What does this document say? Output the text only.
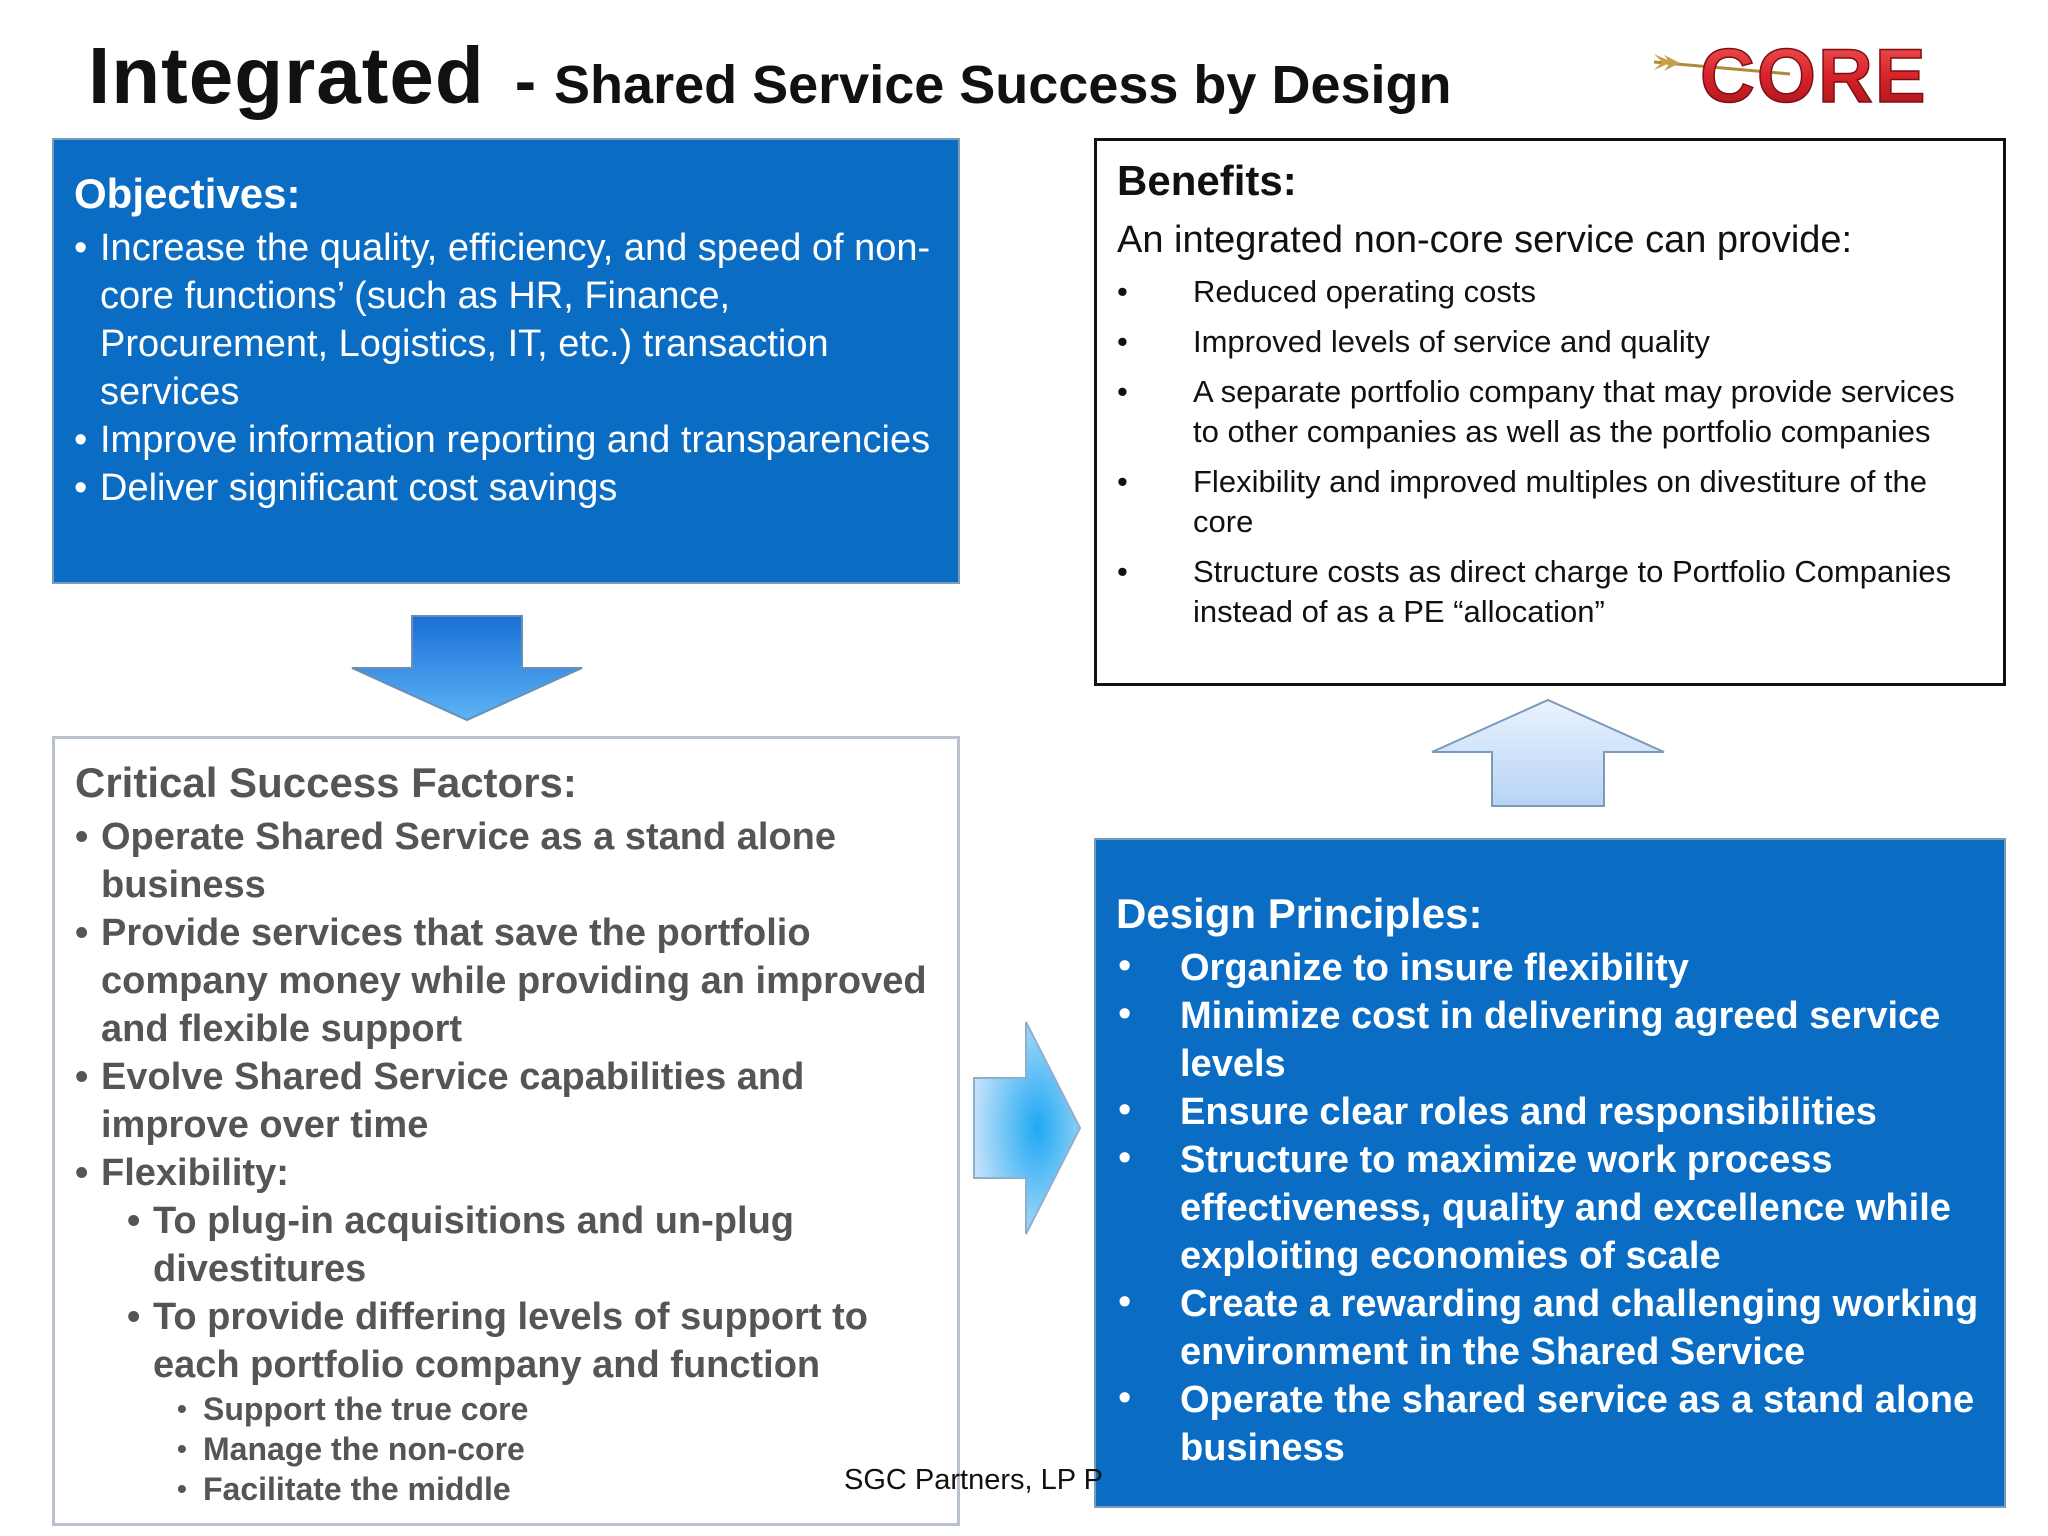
Integrated - Shared Service Success by Design	CORE
Objectives:
• Increase the quality, efficiency, and speed of non-core functions’ (such as HR, Finance, Procurement, Logistics, IT, etc.) transaction services
• Improve information reporting and transparencies
• Deliver significant cost savings
Benefits:
An integrated non-core service can provide:
• Reduced operating costs
• Improved levels of service and quality
• A separate portfolio company that may provide services to other companies as well as the portfolio companies
• Flexibility and improved multiples on divestiture of the core
• Structure costs as direct charge to Portfolio Companies instead of as a PE “allocation”
Critical Success Factors:
• Operate Shared Service as a stand alone business
• Provide services that save the portfolio company money while providing an improved and flexible support
• Evolve Shared Service capabilities and improve over time
• Flexibility:
• To plug-in acquisitions and un-plug divestitures
• To provide differing levels of support to each portfolio company and function
• Support the true core
• Manage the non-core
• Facilitate the middle
Design Principles:
• Organize to insure flexibility
• Minimize cost in delivering agreed service levels
• Ensure clear roles and responsibilities
• Structure to maximize work process effectiveness, quality and excellence while exploiting economies of scale
• Create a rewarding and challenging working environment in the Shared Service
• Operate the shared service as a stand alone business
SGC Partners, LP P
